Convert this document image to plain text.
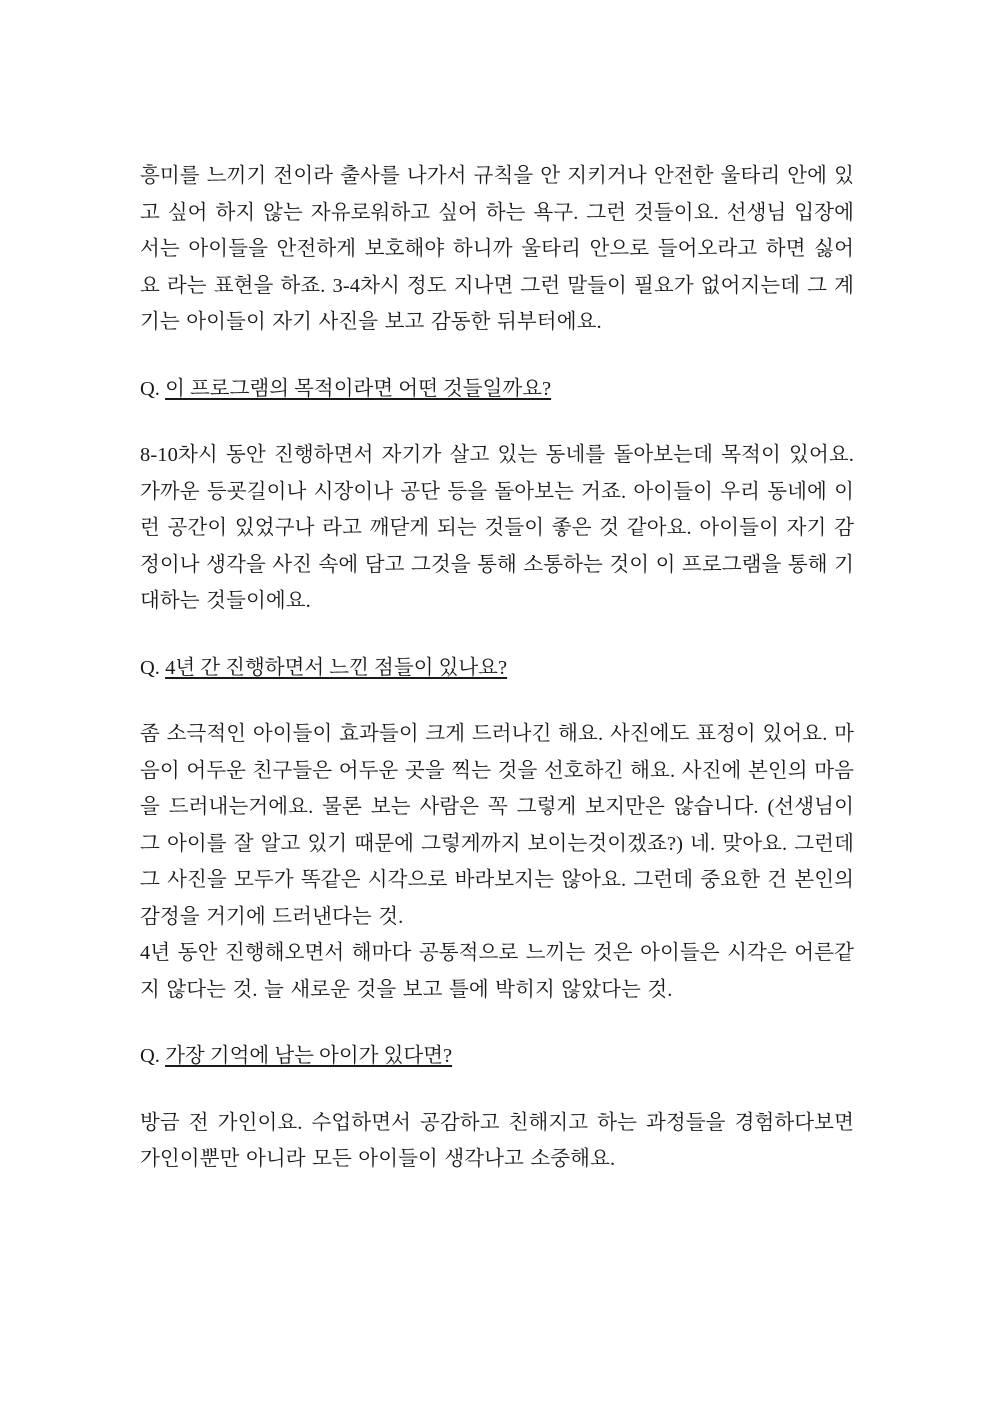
흥미를 느끼기 전이라 출사를 나가서 규칙을 안 지키거나 안전한 울타리 안에 있고 싶어 하지 않는 자유로워하고 싶어 하는 욕구. 그런 것들이요. 선생님 입장에서는 아이들을 안전하게 보호해야 하니까 울타리 안으로 들어오라고 하면 싫어요 라는 표현을 하죠. 3-4차시 정도 지나면 그런 말들이 필요가 없어지는데 그 계기는 아이들이 자기 사진을 보고 감동한 뒤부터에요.

Q. 이 프로그램의 목적이라면 어떤 것들일까요?

8-10차시 동안 진행하면서 자기가 살고 있는 동네를 돌아보는데 목적이 있어요. 가까운 등굣길이나 시장이나 공단 등을 돌아보는 거죠. 아이들이 우리 동네에 이런 공간이 있었구나 라고 깨닫게 되는 것들이 좋은 것 같아요. 아이들이 자기 감정이나 생각을 사진 속에 담고 그것을 통해 소통하는 것이 이 프로그램을 통해 기대하는 것들이에요.

Q. 4년 간 진행하면서 느낀 점들이 있나요?

좀 소극적인 아이들이 효과들이 크게 드러나긴 해요. 사진에도 표정이 있어요. 마음이 어두운 친구들은 어두운 곳을 찍는 것을 선호하긴 해요. 사진에 본인의 마음을 드러내는거에요. 물론 보는 사람은 꼭 그렇게 보지만은 않습니다. (선생님이 그 아이를 잘 알고 있기 때문에 그렇게까지 보이는것이겠죠?) 네. 맞아요. 그런데 그 사진을 모두가 똑같은 시각으로 바라보지는 않아요. 그런데 중요한 건 본인의 감정을 거기에 드러낸다는 것.

4년 동안 진행해오면서 해마다 공통적으로 느끼는 것은 아이들은 시각은 어른같지 않다는 것. 늘 새로운 것을 보고 틀에 박히지 않았다는 것.

Q. 가장 기억에 남는 아이가 있다면?

방금 전 가인이요. 수업하면서 공감하고 친해지고 하는 과정들을 경험하다보면 가인이뿐만 아니라 모든 아이들이 생각나고 소중해요.
